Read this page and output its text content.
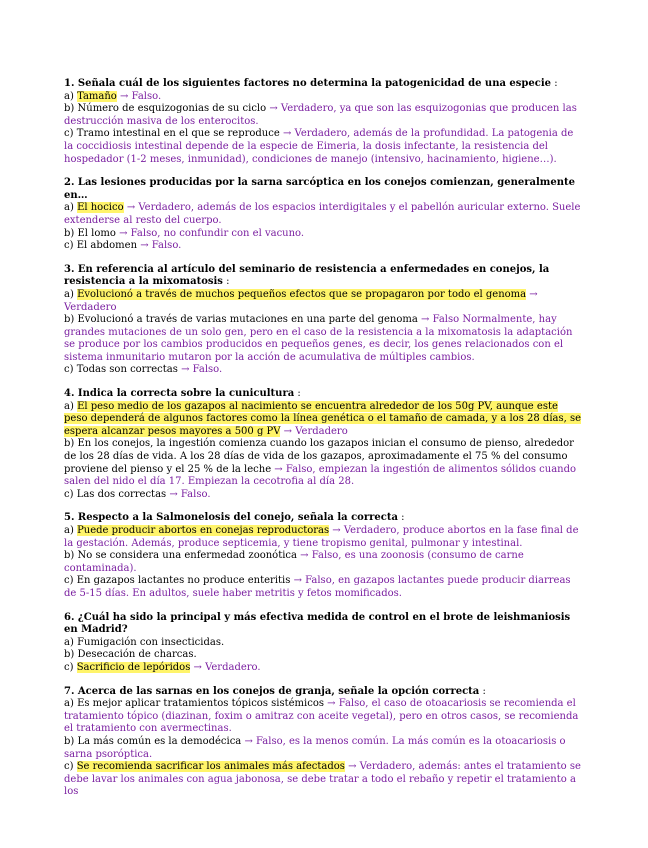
1. Señala cuál de los siguientes factores no determina la patogenicidad de una especie :

a) Tamaño → Falso.

b) Número de esquizogonias de su ciclo → Verdadero, ya que son las esquizogonias que producen las destrucción masiva de los enterocitos.

c) Tramo intestinal en el que se reproduce → Verdadero, además de la profundidad. La patogenia de la coccidiosis intestinal depende de la especie de Eimeria, la dosis infectante, la resistencia del hospedador (1-2 meses, inmunidad), condiciones de manejo (intensivo, hacinamiento, higiene…).

2. Las lesiones producidas por la sarna sarcóptica en los conejos comienzan, generalmente en…

a) El hocico → Verdadero, además de los espacios interdigitales y el pabellón auricular externo. Suele extenderse al resto del cuerpo.

b) El lomo → Falso, no confundir con el vacuno.

c) El abdomen → Falso.

3. En referencia al artículo del seminario de resistencia a enfermedades en conejos, la resistencia a la mixomatosis :

a) Evolucionó a través de muchos pequeños efectos que se propagaron por todo el genoma → Verdadero

b) Evolucionó a través de varias mutaciones en una parte del genoma → Falso Normalmente, hay grandes mutaciones de un solo gen, pero en el caso de la resistencia a la mixomatosis la adaptación se produce por los cambios producidos en pequeños genes, es decir, los genes relacionados con el sistema inmunitario mutaron por la acción de acumulativa de múltiples cambios.

c) Todas son correctas → Falso.

4. Indica la correcta sobre la cunicultura :

a) El peso medio de los gazapos al nacimiento se encuentra alrededor de los 50g PV, aunque este peso dependerá de algunos factores como la línea genética o el tamaño de camada, y a los 28 días, se espera alcanzar pesos mayores a 500 g PV → Verdadero

b) En los conejos, la ingestión comienza cuando los gazapos inician el consumo de pienso, alrededor de los 28 días de vida. A los 28 días de vida de los gazapos, aproximadamente el 75 % del consumo proviene del pienso y el 25 % de la leche → Falso, empiezan la ingestión de alimentos sólidos cuando salen del nido el día 17. Empiezan la cecotrofia al día 28.

c) Las dos correctas → Falso.

5. Respecto a la Salmonelosis del conejo, señala la correcta :

a) Puede producir abortos en conejas reproductoras → Verdadero, produce abortos en la fase final de la gestación. Además, produce septicemia, y tiene tropismo genital, pulmonar y intestinal.

b) No se considera una enfermedad zoonótica → Falso, es una zoonosis (consumo de carne contaminada).

c) En gazapos lactantes no produce enteritis → Falso, en gazapos lactantes puede producir diarreas de 5-15 días. En adultos, suele haber metritis y fetos momificados.

6. ¿Cuál ha sido la principal y más efectiva medida de control en el brote de leishmaniosis en Madrid?

a) Fumigación con insecticidas.

b) Desecación de charcas.

c) Sacrificio de lepóridos → Verdadero.

7. Acerca de las sarnas en los conejos de granja, señale la opción correcta :

a) Es mejor aplicar tratamientos tópicos sistémicos → Falso, el caso de otoacariosis se recomienda el tratamiento tópico (diazinan, foxim o amitraz con aceite vegetal), pero en otros casos, se recomienda el tratamiento con avermectinas.

b) La más común es la demodécica → Falso, es la menos común. La más común es la otoacariosis o sarna psoróptica.

c) Se recomienda sacrificar los animales más afectados → Verdadero, además: antes el tratamiento se debe lavar los animales con agua jabonosa, se debe tratar a todo el rebaño y repetir el tratamiento a los
